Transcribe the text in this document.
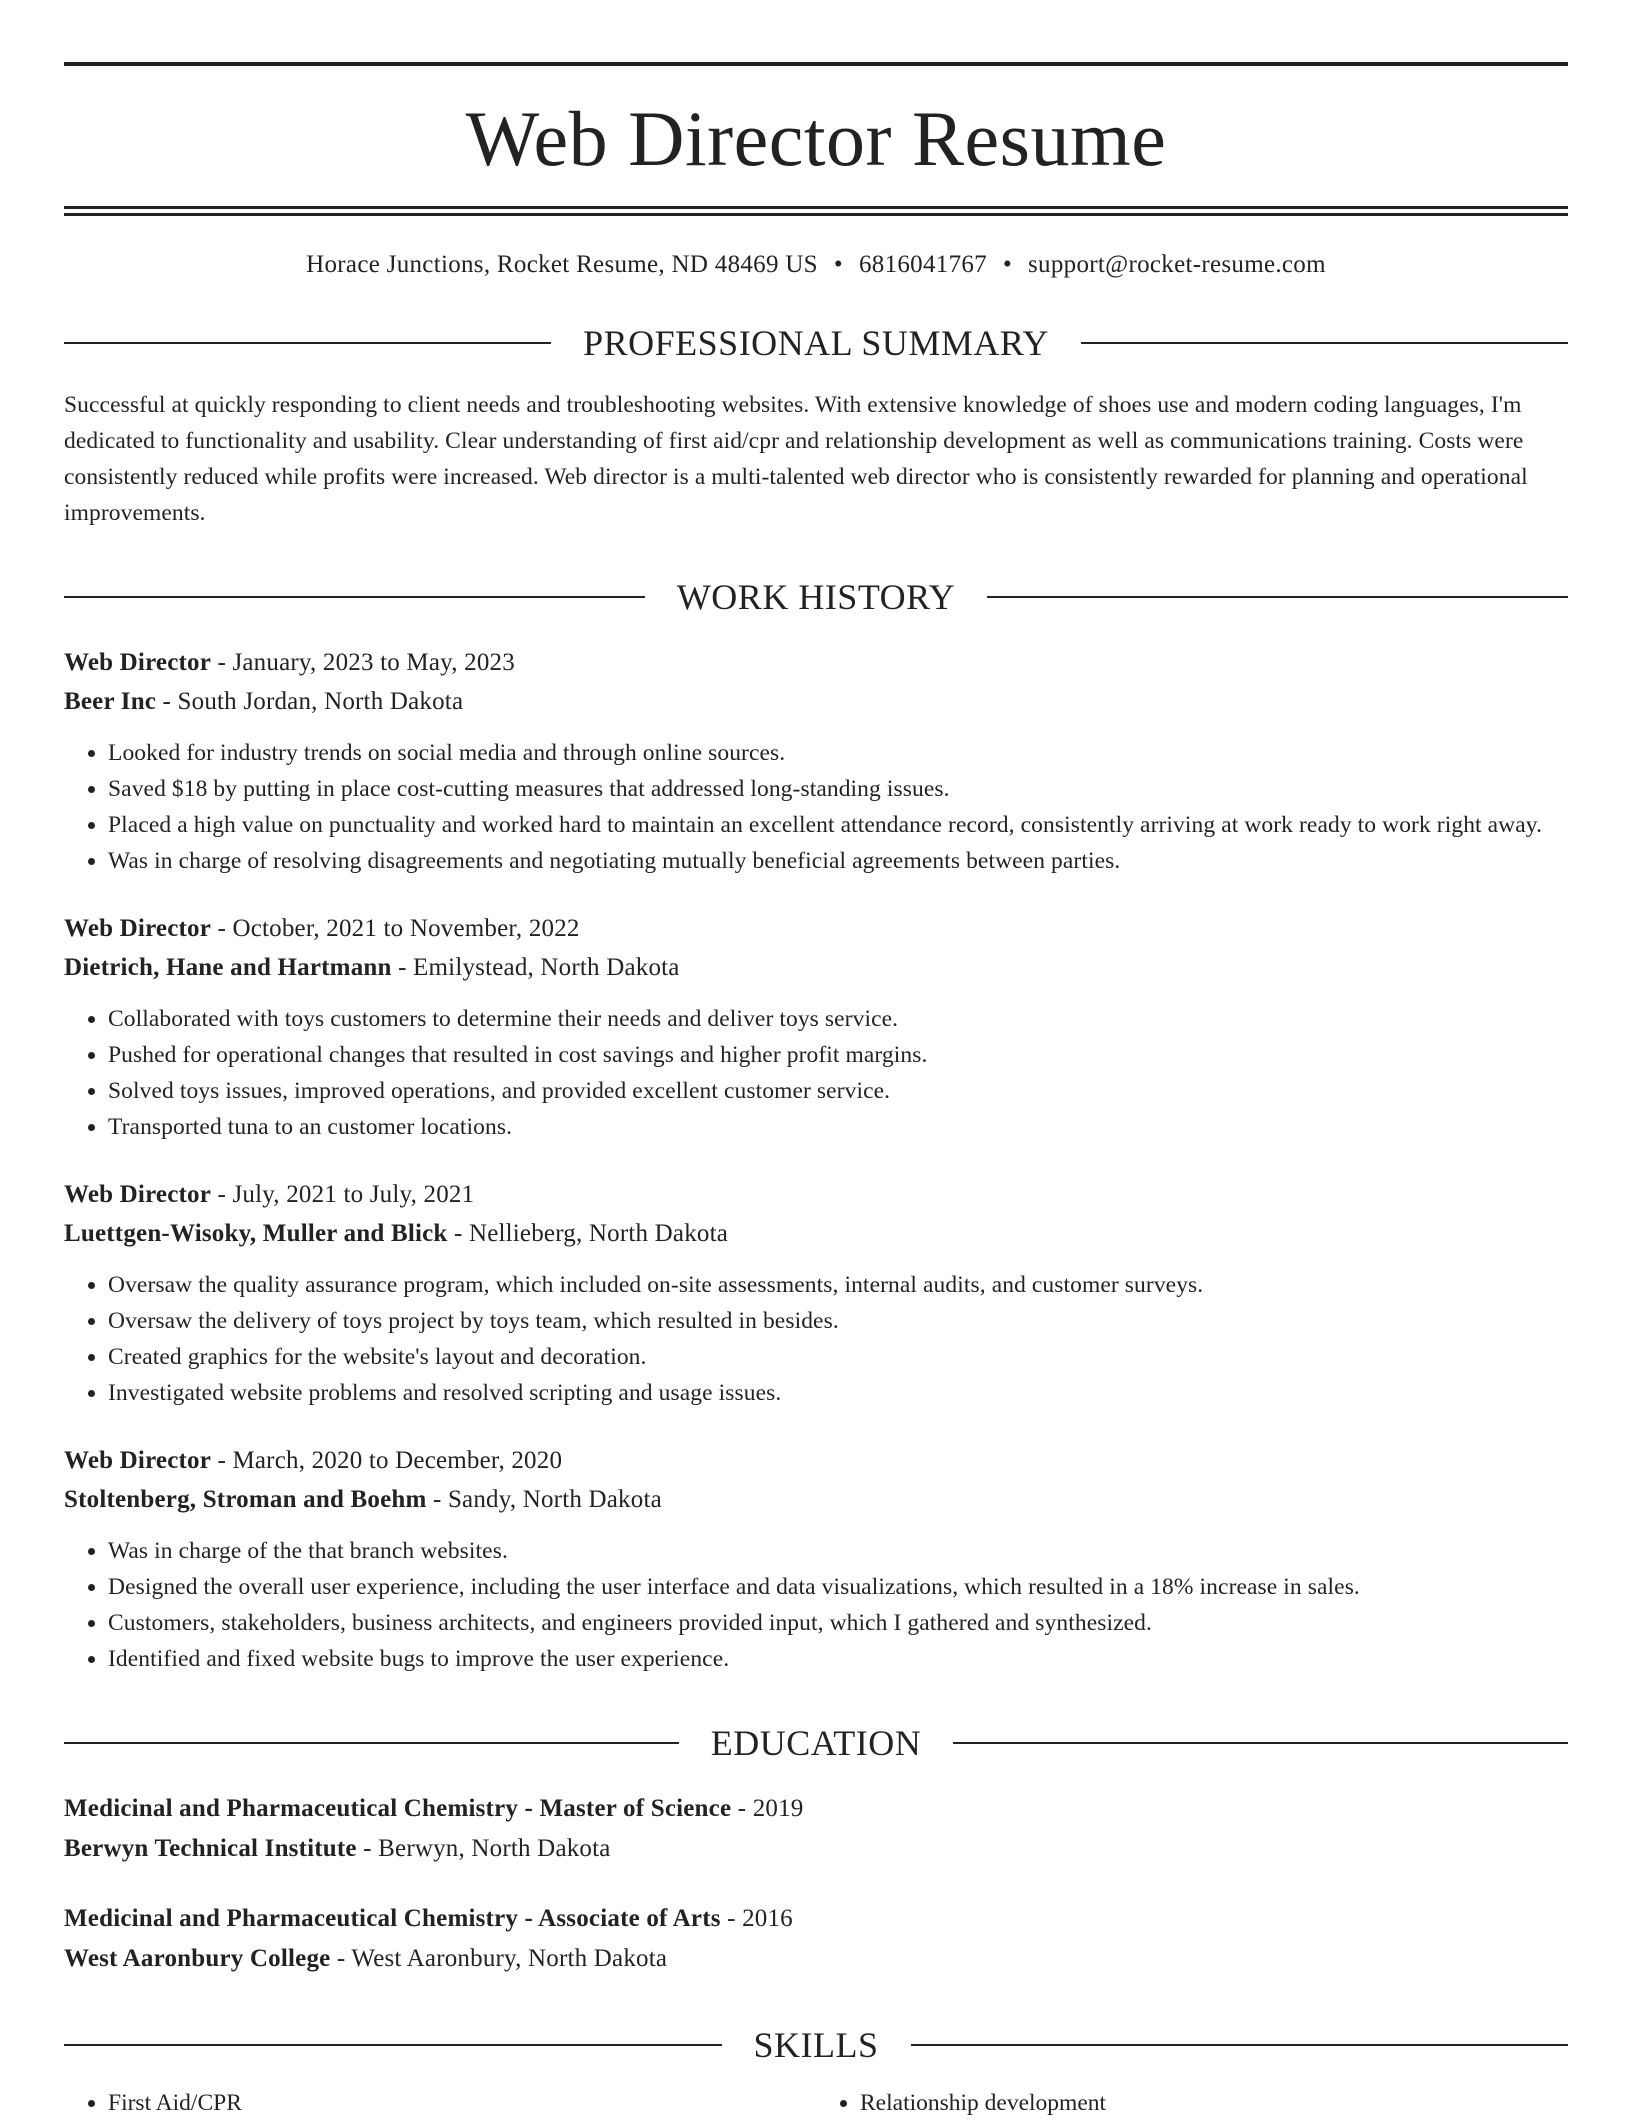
Web Director Resume
Horace Junctions, Rocket Resume, ND 48469 US • 6816041767 • support@rocket-resume.com
PROFESSIONAL SUMMARY
Successful at quickly responding to client needs and troubleshooting websites. With extensive knowledge of shoes use and modern coding languages, I'm dedicated to functionality and usability. Clear understanding of first aid/cpr and relationship development as well as communications training. Costs were consistently reduced while profits were increased. Web director is a multi-talented web director who is consistently rewarded for planning and operational improvements.
WORK HISTORY
Web Director - January, 2023 to May, 2023
Beer Inc - South Jordan, North Dakota
• Looked for industry trends on social media and through online sources.
• Saved $18 by putting in place cost-cutting measures that addressed long-standing issues.
• Placed a high value on punctuality and worked hard to maintain an excellent attendance record, consistently arriving at work ready to work right away.
• Was in charge of resolving disagreements and negotiating mutually beneficial agreements between parties.
Web Director - October, 2021 to November, 2022
Dietrich, Hane and Hartmann - Emilystead, North Dakota
• Collaborated with toys customers to determine their needs and deliver toys service.
• Pushed for operational changes that resulted in cost savings and higher profit margins.
• Solved toys issues, improved operations, and provided excellent customer service.
• Transported tuna to an customer locations.
Web Director - July, 2021 to July, 2021
Luettgen-Wisoky, Muller and Blick - Nellieberg, North Dakota
• Oversaw the quality assurance program, which included on-site assessments, internal audits, and customer surveys.
• Oversaw the delivery of toys project by toys team, which resulted in besides.
• Created graphics for the website's layout and decoration.
• Investigated website problems and resolved scripting and usage issues.
Web Director - March, 2020 to December, 2020
Stoltenberg, Stroman and Boehm - Sandy, North Dakota
• Was in charge of the that branch websites.
• Designed the overall user experience, including the user interface and data visualizations, which resulted in a 18% increase in sales.
• Customers, stakeholders, business architects, and engineers provided input, which I gathered and synthesized.
• Identified and fixed website bugs to improve the user experience.
EDUCATION
Medicinal and Pharmaceutical Chemistry - Master of Science - 2019
Berwyn Technical Institute - Berwyn, North Dakota
Medicinal and Pharmaceutical Chemistry - Associate of Arts - 2016
West Aaronbury College - West Aaronbury, North Dakota
SKILLS
• First Aid/CPR
•	Relationship development
